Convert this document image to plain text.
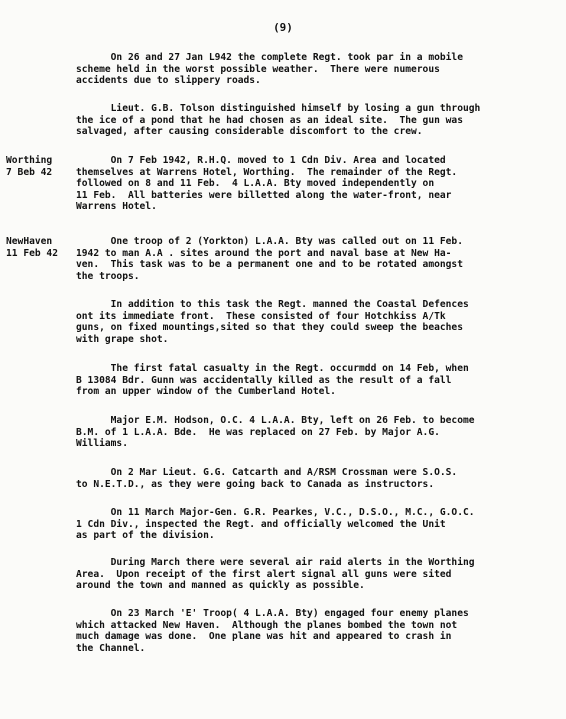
(9)
On 26 and 27 Jan L942 the complete Regt. took par in a mobile
scheme held in the worst possible weather.  There were numerous
accidents due to slippery roads.
Lieut. G.B. Tolson distinguished himself by losing a gun through
the ice of a pond that he had chosen as an ideal site.  The gun was
salvaged, after causing considerable discomfort to the crew.
Worthing
7 Beb 42
On 7 Feb 1942, R.H.Q. moved to 1 Cdn Div. Area and located
themselves at Warrens Hotel, Worthing.  The remainder of the Regt.
followed on 8 and 11 Feb.  4 L.A.A. Bty moved independently on
11 Feb.  All batteries were billetted along the water-front, near
Warrens Hotel.
NewHaven
11 Feb 42
One troop of 2 (Yorkton) L.A.A. Bty was called out on 11 Feb.
1942 to man A.A . sites around the port and naval base at New Ha-
ven.  This task was to be a permanent one and to be rotated amongst
the troops.
In addition to this task the Regt. manned the Coastal Defences
ont its immediate front.  These consisted of four Hotchkiss A/Tk
guns, on fixed mountings,sited so that they could sweep the beaches
with grape shot.
The first fatal casualty in the Regt. occurmdd on 14 Feb, when
B 13084 Bdr. Gunn was accidentally killed as the result of a fall
from an upper window of the Cumberland Hotel.
Major E.M. Hodson, O.C. 4 L.A.A. Bty, left on 26 Feb. to become
B.M. of 1 L.A.A. Bde.  He was replaced on 27 Feb. by Major A.G.
Williams.
On 2 Mar Lieut. G.G. Catcarth and A/RSM Crossman were S.O.S.
to N.E.T.D., as they were going back to Canada as instructors.
On 11 March Major-Gen. G.R. Pearkes, V.C., D.S.O., M.C., G.O.C.
1 Cdn Div., inspected the Regt. and officially welcomed the Unit
as part of the division.
During March there were several air raid alerts in the Worthing
Area.  Upon receipt of the first alert signal all guns were sited
around the town and manned as quickly as possible.
On 23 March 'E' Troop( 4 L.A.A. Bty) engaged four enemy planes
which attacked New Haven.  Although the planes bombed the town not
much damage was done.  One plane was hit and appeared to crash in
the Channel.
